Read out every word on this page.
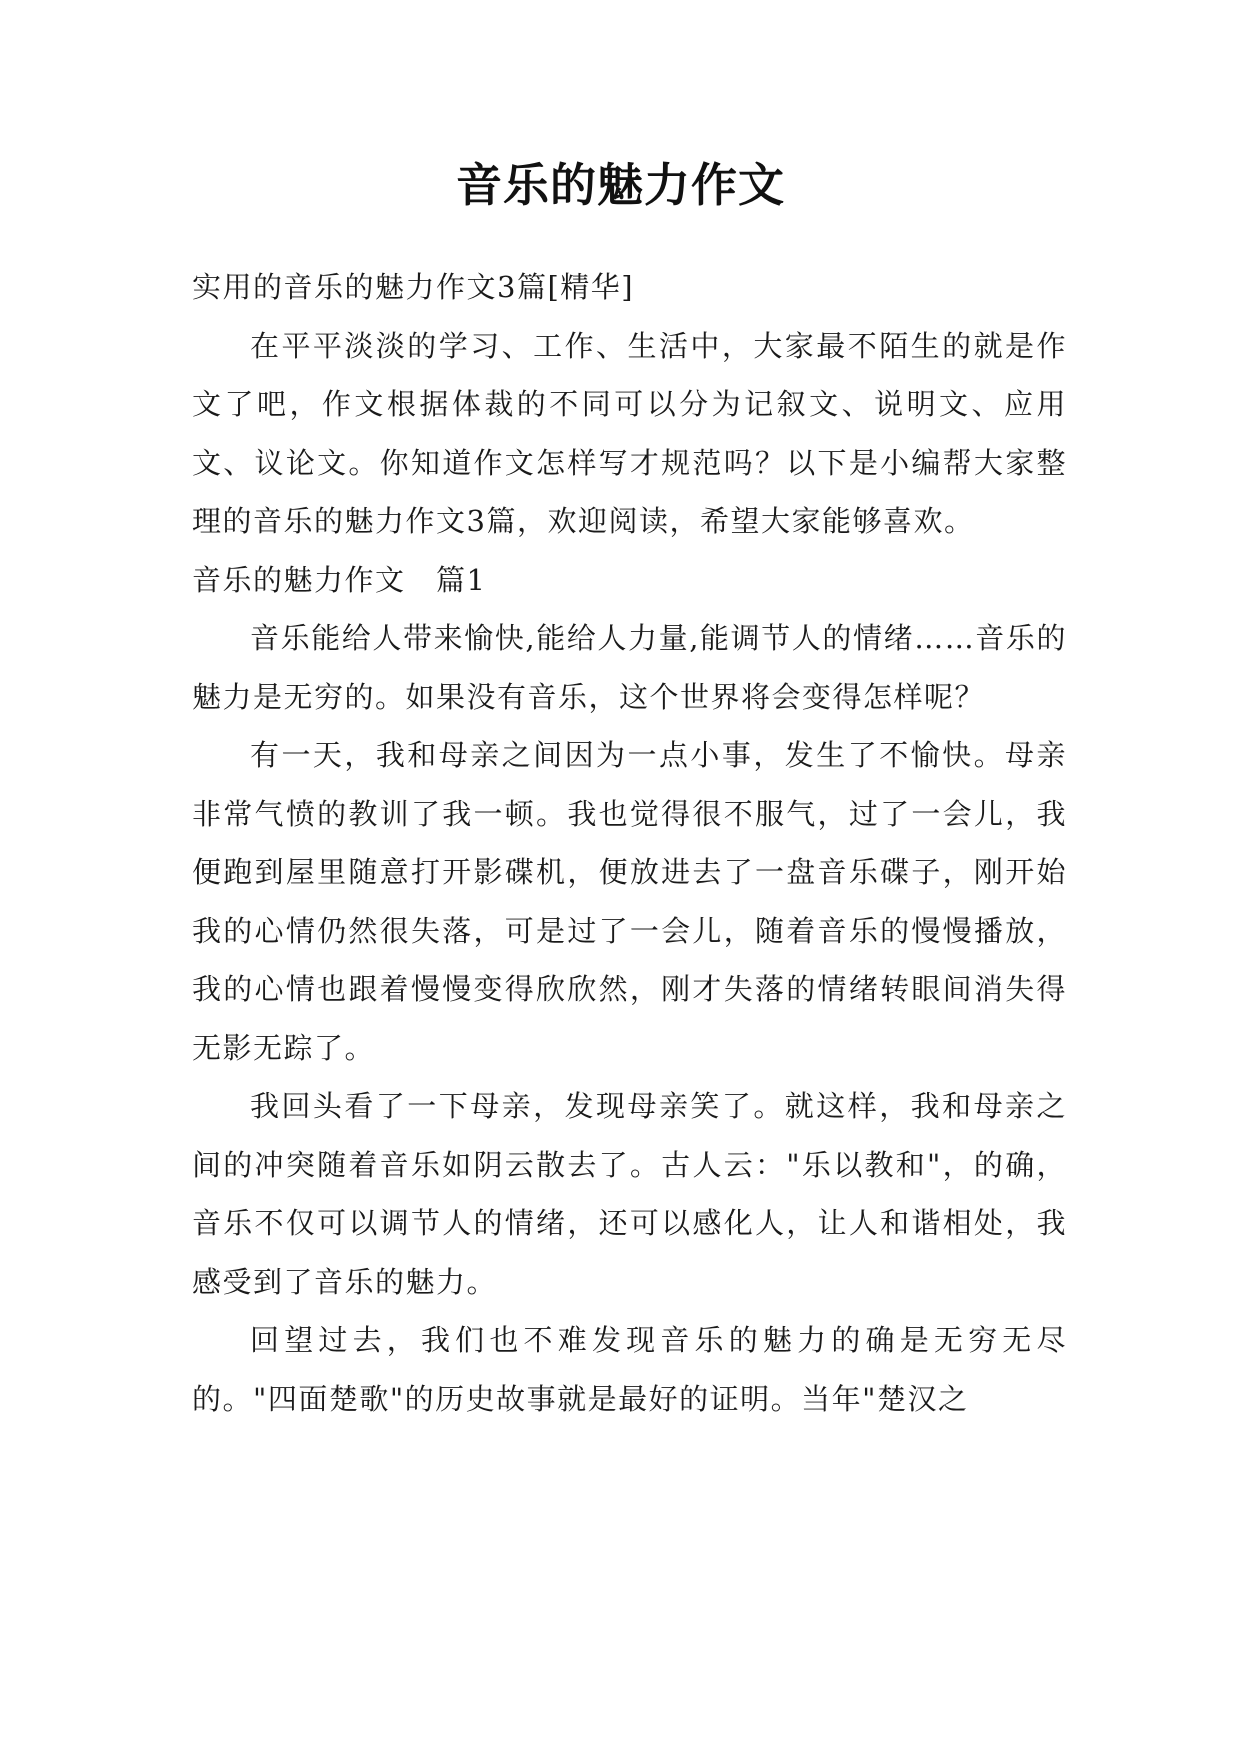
音乐的魅力作文

实用的音乐的魅力作文3篇[精华]

在平平淡淡的学习、工作、生活中，大家最不陌生的就是作文了吧，作文根据体裁的不同可以分为记叙文、说明文、应用文、议论文。你知道作文怎样写才规范吗？以下是小编帮大家整理的音乐的魅力作文3篇，欢迎阅读，希望大家能够喜欢。

音乐的魅力作文　篇1

音乐能给人带来愉快,能给人力量,能调节人的情绪……音乐的魅力是无穷的。如果没有音乐，这个世界将会变得怎样呢？

有一天，我和母亲之间因为一点小事，发生了不愉快。母亲非常气愤的教训了我一顿。我也觉得很不服气，过了一会儿，我便跑到屋里随意打开影碟机，便放进去了一盘音乐碟子，刚开始我的心情仍然很失落，可是过了一会儿，随着音乐的慢慢播放，我的心情也跟着慢慢变得欣欣然，刚才失落的情绪转眼间消失得无影无踪了。

我回头看了一下母亲，发现母亲笑了。就这样，我和母亲之间的冲突随着音乐如阴云散去了。古人云："乐以教和"，的确，音乐不仅可以调节人的情绪，还可以感化人，让人和谐相处，我感受到了音乐的魅力。

回望过去，我们也不难发现音乐的魅力的确是无穷无尽的。"四面楚歌"的历史故事就是最好的证明。当年"楚汉之
